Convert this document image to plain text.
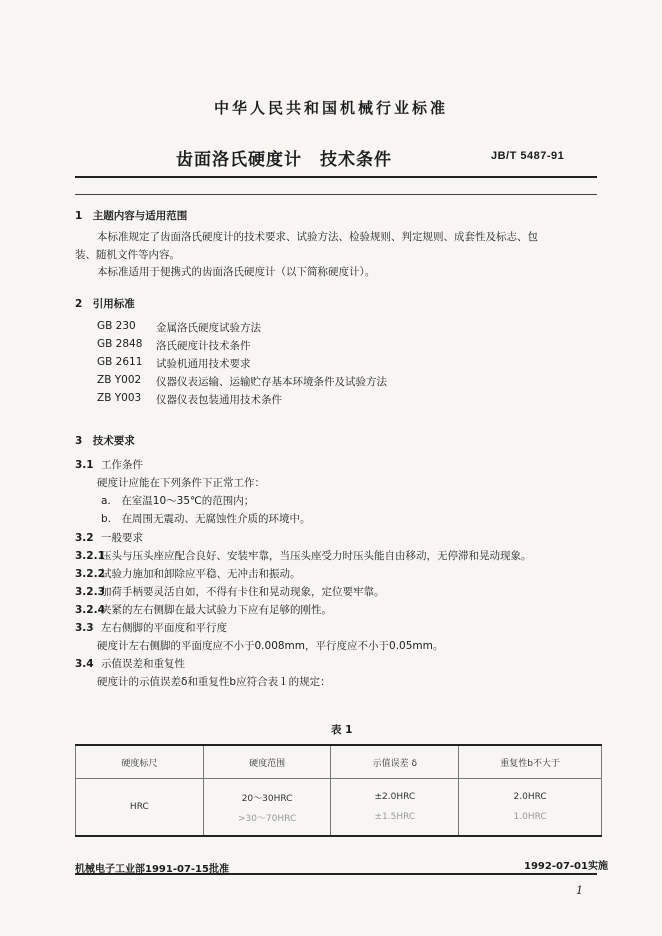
中华人民共和国机械行业标准
齿面洛氏硬度计　技术条件	JB/T 5487-91
1　主题内容与适用范围
本标准规定了齿面洛氏硬度计的技术要求、试验方法、检验规则、判定规则、成套性及标志、包
装、随机文件等内容。
本标准适用于便携式的齿面洛氏硬度计（以下简称硬度计）。
2　引用标准
GB 230 金属洛氏硬度试验方法
GB 2848 洛氏硬度计技术条件
GB 2611 试验机通用技术要求
ZB Y002 仪器仪表运输、运输贮存基本环境条件及试验方法
ZB Y003 仪器仪表包装通用技术条件
3　技术要求
3.1 工作条件
硬度计应能在下列条件下正常工作：
a.　在室温10～35℃的范围内；
b.　在周围无震动、无腐蚀性介质的环境中。
3.2 一般要求
3.2.1压头与压头座应配合良好、安装牢靠，当压头座受力时压头能自由移动，无停滞和晃动现象。
3.2.2试验力施加和卸除应平稳、无冲击和振动。
3.2.3加荷手柄要灵活自如，不得有卡住和晃动现象，定位要牢靠。
3.2.4夹紧的左右侧脚在最大试验力下应有足够的刚性。
3.3 左右侧脚的平面度和平行度
硬度计左右侧脚的平面度应不小于0.008mm，平行度应不小于0.05mm。
3.4 示值误差和重复性
硬度计的示值误差δ和重复性b应符合表１的规定：
表 1
硬度标尺	硬度范围	示值误差 δ	重复性b不大于
HRC	20～30HRC	±2.0HRC	2.0HRC
	>30～70HRC	±1.5HRC	1.0HRC
机械电子工业部1991-07-15批准	1992-07-01实施
1
